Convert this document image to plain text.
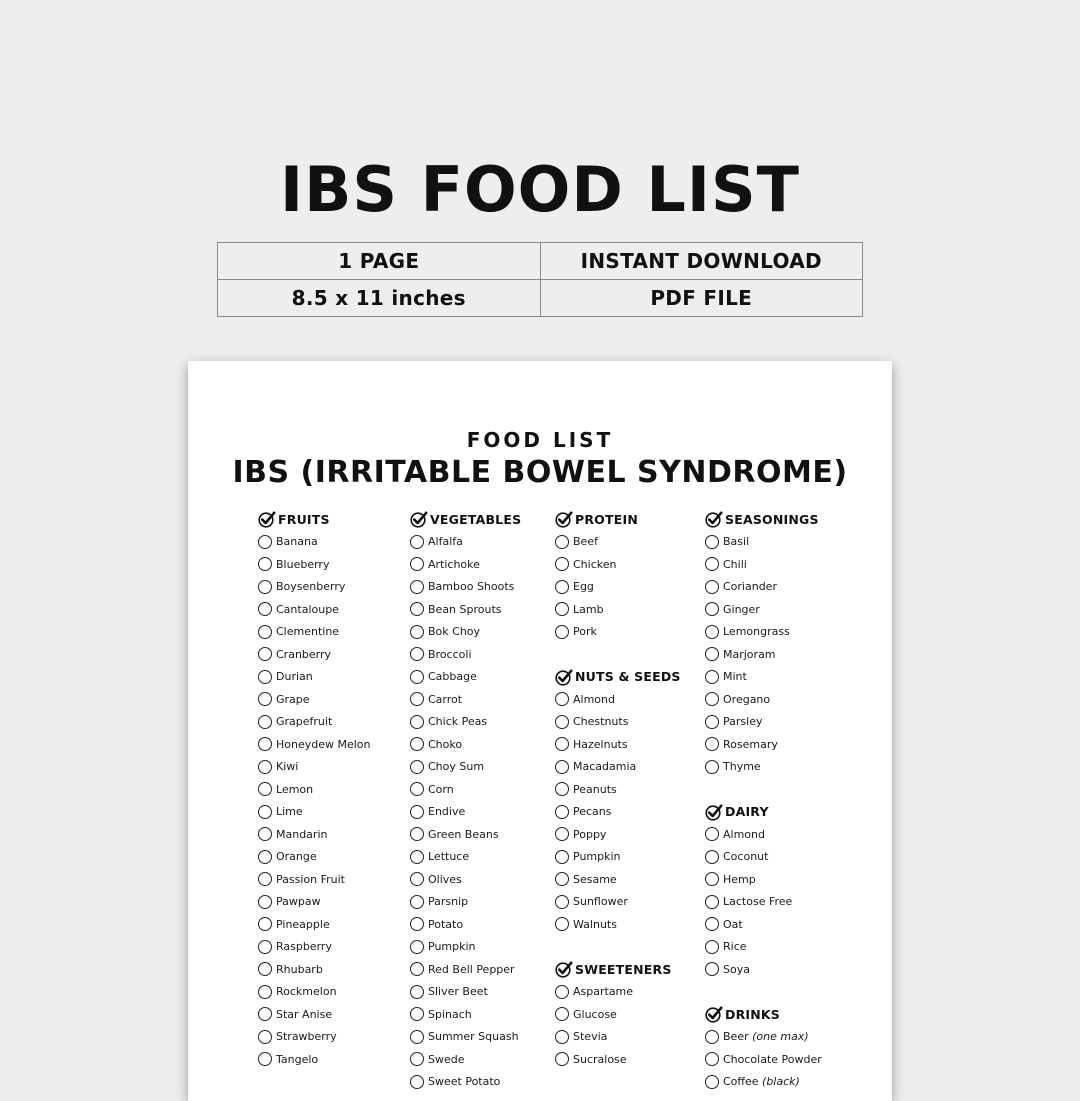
IBS FOOD LIST
1 PAGE	INSTANT DOWNLOAD
8.5 x 11 inches	PDF FILE
FOOD LIST
IBS (IRRITABLE BOWEL SYNDROME)
FRUITS
Banana
Blueberry
Boysenberry
Cantaloupe
Clementine
Cranberry
Durian
Grape
Grapefruit
Honeydew Melon
Kiwi
Lemon
Lime
Mandarin
Orange
Passion Fruit
Pawpaw
Pineapple
Raspberry
Rhubarb
Rockmelon
Star Anise
Strawberry
Tangelo
VEGETABLES
Alfalfa
Artichoke
Bamboo Shoots
Bean Sprouts
Bok Choy
Broccoli
Cabbage
Carrot
Chick Peas
Choko
Choy Sum
Corn
Endive
Green Beans
Lettuce
Olives
Parsnip
Potato
Pumpkin
Red Bell Pepper
Sliver Beet
Spinach
Summer Squash
Swede
Sweet Potato
PROTEIN
Beef
Chicken
Egg
Lamb
Pork
NUTS & SEEDS
Almond
Chestnuts
Hazelnuts
Macadamia
Peanuts
Pecans
Poppy
Pumpkin
Sesame
Sunflower
Walnuts
SWEETENERS
Aspartame
Glucose
Stevia
Sucralose
SEASONINGS
Basil
Chili
Coriander
Ginger
Lemongrass
Marjoram
Mint
Oregano
Parsley
Rosemary
Thyme
DAIRY
Almond
Coconut
Hemp
Lactose Free
Oat
Rice
Soya
DRINKS
Beer (one max)
Chocolate Powder
Coffee (black)
